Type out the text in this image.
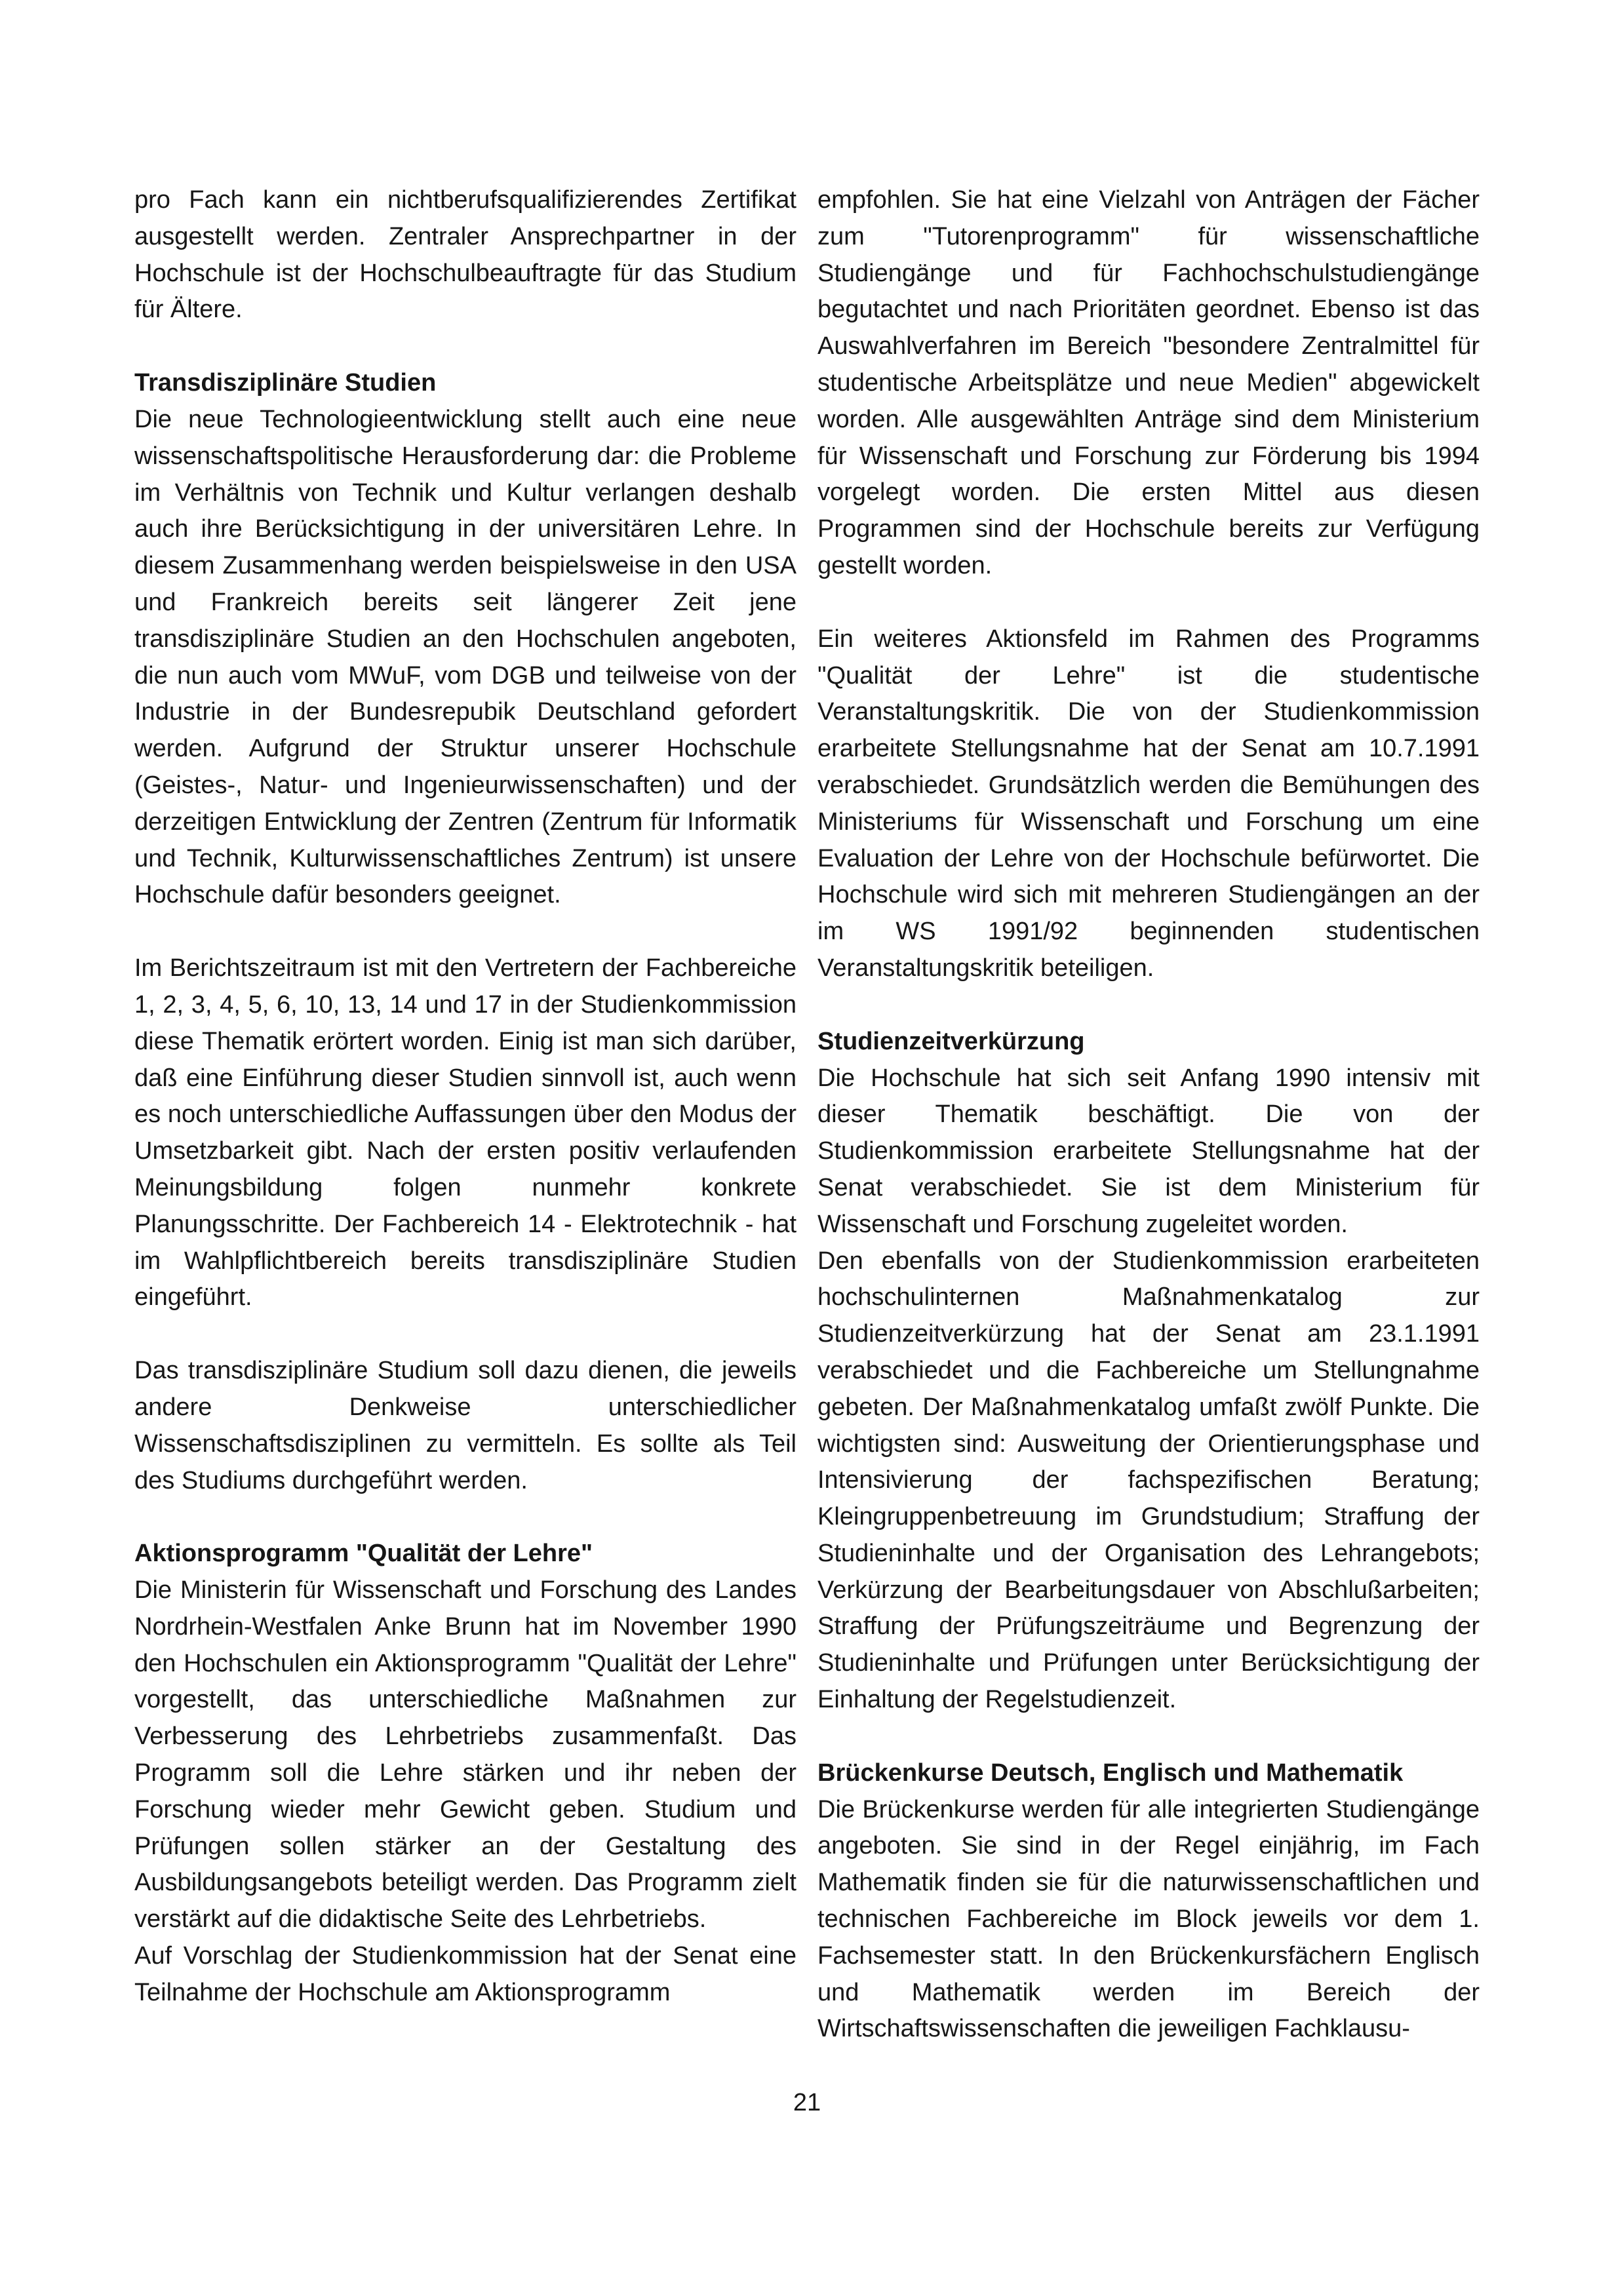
pro Fach kann ein nichtberufsqualifizierendes Zertifikat ausgestellt werden. Zentraler Ansprechpartner in der Hochschule ist der Hochschulbeauftragte für das Studium für Ältere.

Transdisziplinäre Studien

Die neue Technologieentwicklung stellt auch eine neue wissenschaftspolitische Herausforderung dar: die Probleme im Verhältnis von Technik und Kultur verlangen deshalb auch ihre Berücksichtigung in der universitären Lehre. In diesem Zusammenhang werden beispielsweise in den USA und Frankreich bereits seit längerer Zeit jene transdisziplinäre Studien an den Hochschulen angeboten, die nun auch vom MWuF, vom DGB und teilweise von der Industrie in der Bundesrepubik Deutschland gefordert werden. Aufgrund der Struktur unserer Hochschule (Geistes-, Natur- und Ingenieurwissenschaften) und der derzeitigen Entwicklung der Zentren (Zentrum für Informatik und Technik, Kulturwissenschaftliches Zentrum) ist unsere Hochschule dafür besonders geeignet.

Im Berichtszeitraum ist mit den Vertretern der Fachbereiche 1, 2, 3, 4, 5, 6, 10, 13, 14 und 17 in der Studienkommission diese Thematik erörtert worden. Einig ist man sich darüber, daß eine Einführung dieser Studien sinnvoll ist, auch wenn es noch unterschiedliche Auffassungen über den Modus der Umsetzbarkeit gibt. Nach der ersten positiv verlaufenden Meinungsbildung folgen nunmehr konkrete Planungsschritte. Der Fachbereich 14 - Elektrotechnik - hat im Wahlpflichtbereich bereits transdisziplinäre Studien eingeführt.

Das transdisziplinäre Studium soll dazu dienen, die jeweils andere Denkweise unterschiedlicher Wissenschaftsdisziplinen zu vermitteln. Es sollte als Teil des Studiums durchgeführt werden.

Aktionsprogramm "Qualität der Lehre"

Die Ministerin für Wissenschaft und Forschung des Landes Nordrhein-Westfalen Anke Brunn hat im November 1990 den Hochschulen ein Aktionsprogramm "Qualität der Lehre" vorgestellt, das unterschiedliche Maßnahmen zur Verbesserung des Lehrbetriebs zusammenfaßt. Das Programm soll die Lehre stärken und ihr neben der Forschung wieder mehr Gewicht geben. Studium und Prüfungen sollen stärker an der Gestaltung des Ausbildungsangebots beteiligt werden. Das Programm zielt verstärkt auf die didaktische Seite des Lehrbetriebs.

Auf Vorschlag der Studienkommission hat der Senat eine Teilnahme der Hochschule am Aktionsprogramm

empfohlen. Sie hat eine Vielzahl von Anträgen der Fächer zum "Tutorenprogramm" für wissenschaftliche Studiengänge und für Fachhochschulstudiengänge begutachtet und nach Prioritäten geordnet. Ebenso ist das Auswahlverfahren im Bereich "besondere Zentralmittel für studentische Arbeitsplätze und neue Medien" abgewickelt worden. Alle ausgewählten Anträge sind dem Ministerium für Wissenschaft und Forschung zur Förderung bis 1994 vorgelegt worden. Die ersten Mittel aus diesen Programmen sind der Hochschule bereits zur Verfügung gestellt worden.

Ein weiteres Aktionsfeld im Rahmen des Programms "Qualität der Lehre" ist die studentische Veranstaltungskritik. Die von der Studienkommission erarbeitete Stellungsnahme hat der Senat am 10.7.1991 verabschiedet. Grundsätzlich werden die Bemühungen des Ministeriums für Wissenschaft und Forschung um eine Evaluation der Lehre von der Hochschule befürwortet. Die Hochschule wird sich mit mehreren Studiengängen an der im WS 1991/92 beginnenden studentischen Veranstaltungskritik beteiligen.

Studienzeitverkürzung

Die Hochschule hat sich seit Anfang 1990 intensiv mit dieser Thematik beschäftigt. Die von der Studienkommission erarbeitete Stellungsnahme hat der Senat verabschiedet. Sie ist dem Ministerium für Wissenschaft und Forschung zugeleitet worden.

Den ebenfalls von der Studienkommission erarbeiteten hochschulinternen Maßnahmenkatalog zur Studienzeitverkürzung hat der Senat am 23.1.1991 verabschiedet und die Fachbereiche um Stellungnahme gebeten. Der Maßnahmenkatalog umfaßt zwölf Punkte. Die wichtigsten sind: Ausweitung der Orientierungsphase und Intensivierung der fachspezifischen Beratung; Kleingruppenbetreuung im Grundstudium; Straffung der Studieninhalte und der Organisation des Lehrangebots; Verkürzung der Bearbeitungsdauer von Abschlußarbeiten; Straffung der Prüfungszeiträume und Begrenzung der Studieninhalte und Prüfungen unter Berücksichtigung der Einhaltung der Regelstudienzeit.

Brückenkurse Deutsch, Englisch und Mathematik

Die Brückenkurse werden für alle integrierten Studiengänge angeboten. Sie sind in der Regel einjährig, im Fach Mathematik finden sie für die naturwissenschaftlichen und technischen Fachbereiche im Block jeweils vor dem 1. Fachsemester statt. In den Brückenkursfächern Englisch und Mathematik werden im Bereich der Wirtschaftswissenschaften die jeweiligen Fachklausu-

21
